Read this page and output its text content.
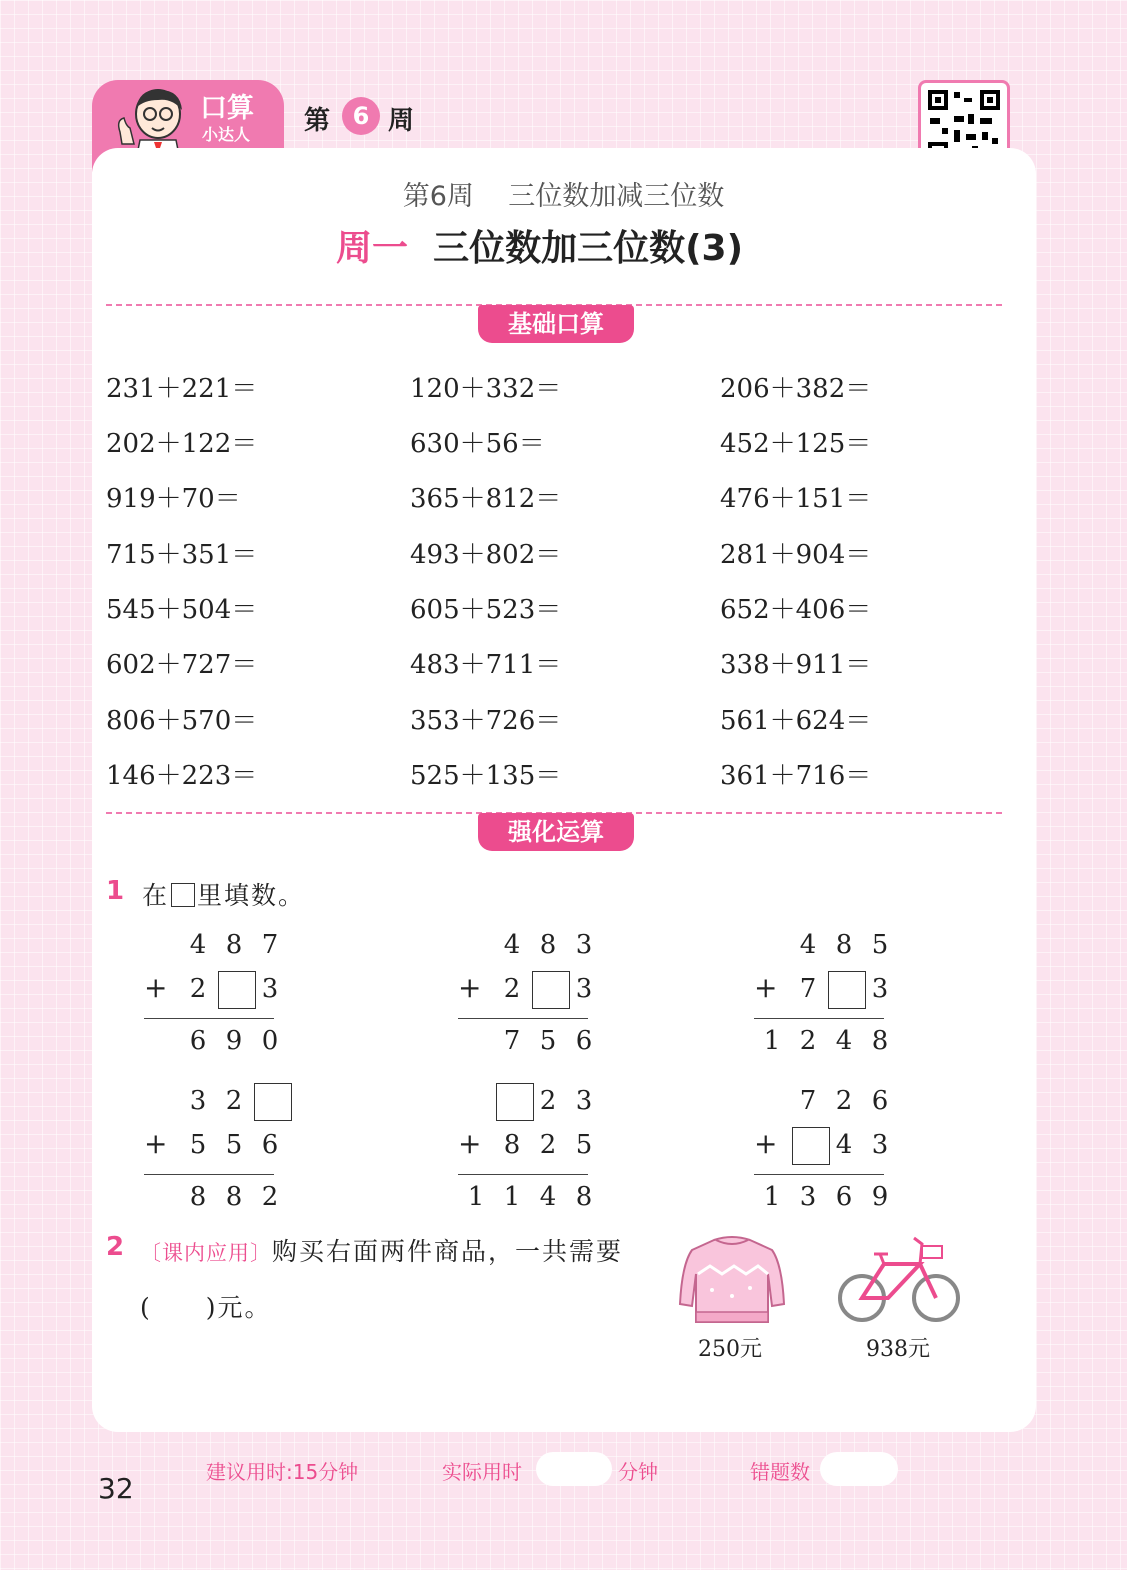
口算
小达人 第 6 周
第6周    三位数加减三位数
周一  三位数加三位数(3)
基础口算
231＋221＝
202＋122＝
919＋70＝
715＋351＝
545＋504＝
602＋727＝
806＋570＝
146＋223＝
120＋332＝
630＋56＝
365＋812＝
493＋802＝
605＋523＝
483＋711＝
353＋726＝
525＋135＝
206＋382＝
452＋125＝
476＋151＝
281＋904＝
652＋406＝
338＋911＝
561＋624＝
361＋716＝
强化运算
1 在 里填数。
4 8 7
2 3
6 9 0
+
4 8 3
2 3
7 5 6
+
4 8 5
7 3
1 2 4 8
+
3 2
5 5 6
8 8 2
+
2 3
8 2 5
1 1 4 8
+
7 2 6
4 3
1 3 6 9
+
2 〔课内应用〕购买右面两件商品，一共需要
(　　)元。
250元	938元
32	建议用时:15分钟	实际用时	分钟	错题数
